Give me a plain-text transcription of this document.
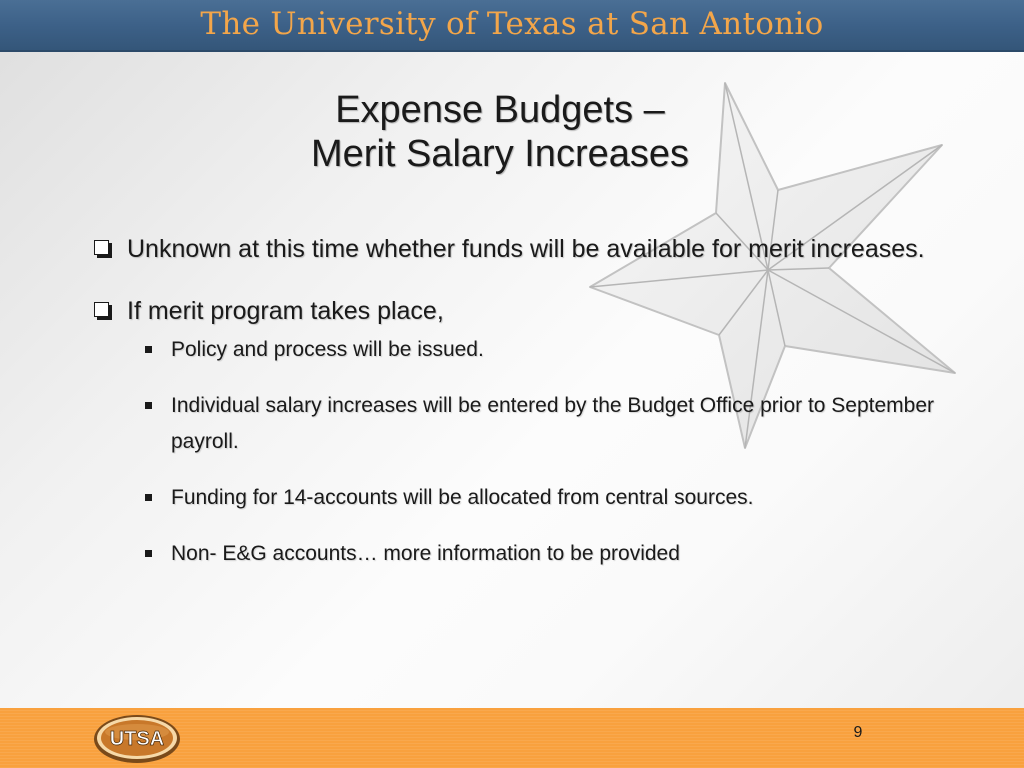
The University of Texas at San Antonio
Expense Budgets –
Merit Salary Increases
Unknown at this time whether funds will be available for merit increases.
If merit program takes place,
Policy and process will be issued.
Individual salary increases will be entered by the Budget Office prior to September payroll.
Funding for 14-accounts will be allocated from central sources.
Non- E&G accounts… more information to be provided
UTSA	9
